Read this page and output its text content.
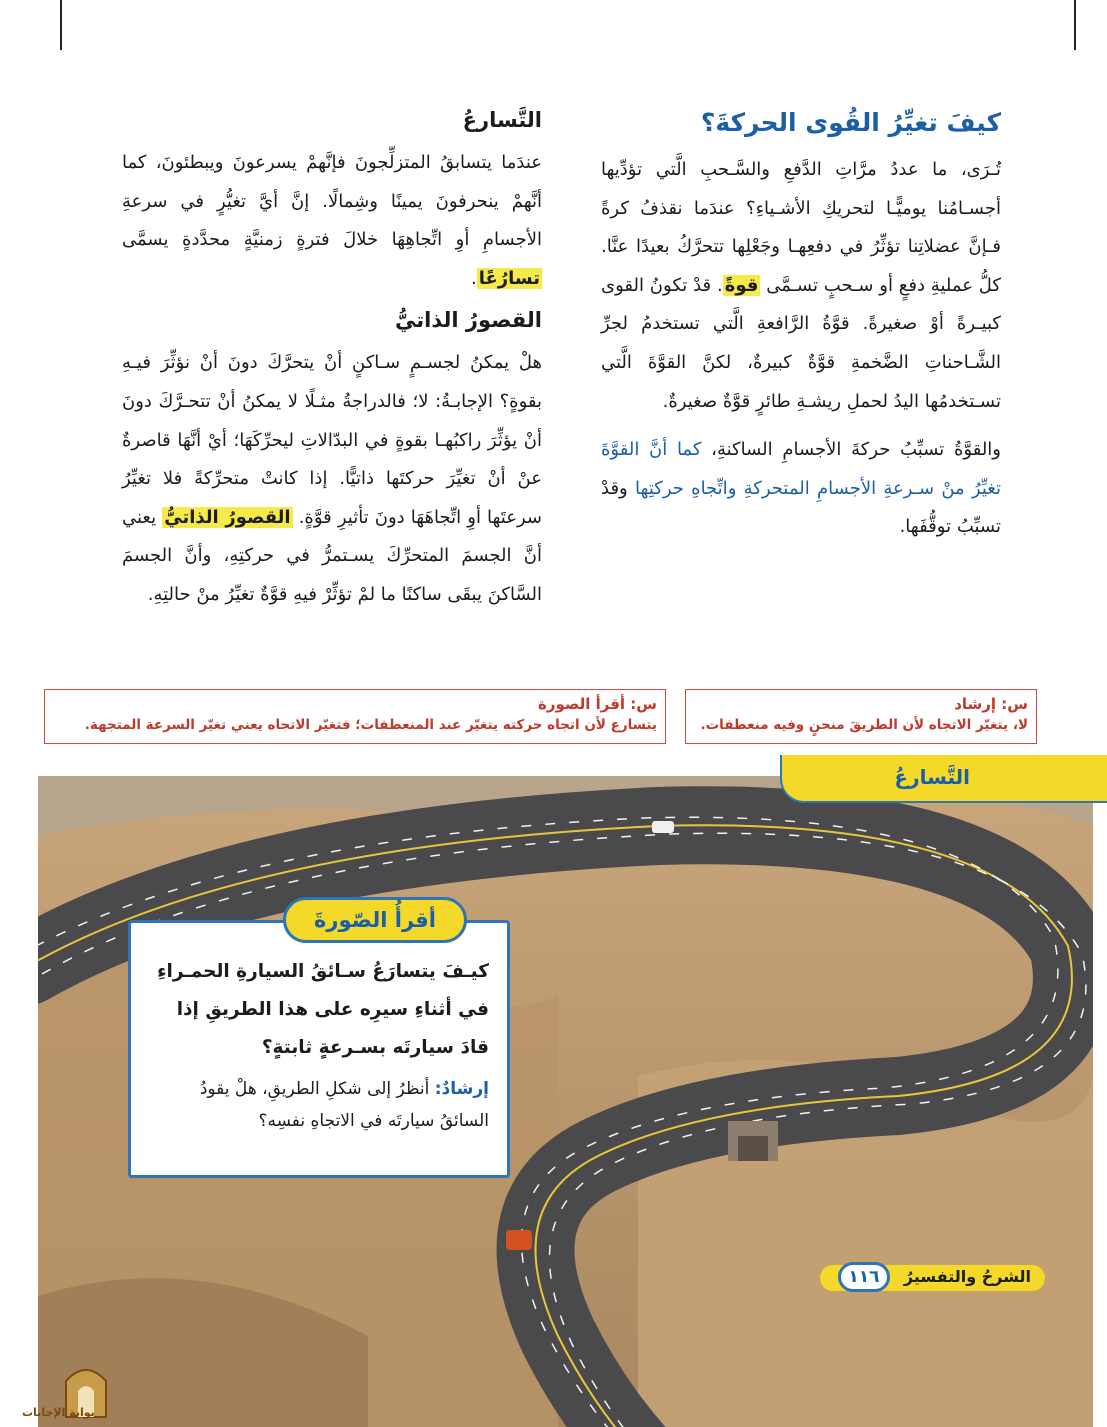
كيفَ تغيِّرُ القُوى الحركةَ؟

تُـرَى، ما عددُ مرَّاتِ الدَّفعِ والسَّـحبِ الَّتي تؤدِّيها أجسـامُنا يوميًّـا لتحريكِ الأشـياءِ؟ عندَما نقذفُ كرةً فـإنَّ عضلاتِنا تؤثِّرُ في دفعِهـا وجَعْلِها تتحرَّكُ بعيدًا عنَّا. كلُّ عمليةِ دفعٍ أو سـحبٍ تسـمَّى قوةً. قدْ تكونُ القوى كبيـرةً أوْ صغيرةً. قوَّةُ الرَّافعةِ الَّتي تستخدمُ لجرِّ الشَّـاحناتِ الضَّخمةِ قوَّةٌ كبيرةٌ، لكنَّ القوَّةَ الَّتي تسـتخدمُها اليدُ لحملِ ريشـةِ طائرٍ قوَّةٌ صغيرةٌ.

والقوَّةُ تسبِّبُ حركةَ الأجسامِ الساكنةِ، كما أنَّ القوَّةَ تغيِّرُ منْ سـرعةِ الأجسامِ المتحركةِ واتِّجاهِ حركتِها وقدْ تسبِّبُ توقُّفَها.

التَّسارعُ

عندَما يتسابقُ المتزلِّجونَ فإنَّهمْ يسرعونَ ويبطئونَ، كما أنَّهمْ ينحرفونَ يمينًا وشِمالًا. إنَّ أيَّ تغيُّرٍ في سرعةِ الأجسامِ أوِ اتِّجاهِهَا خلالَ فترةٍ زمنيَّةٍ محدَّدةٍ يسمَّى تسارُعًا.

القصورُ الذاتيُّ

هلْ يمكنُ لجسـمٍ سـاكنٍ أنْ يتحرَّكَ دونَ أنْ نؤثِّرَ فيـهِ بقوةٍ؟ الإجابـةُ: لا؛ فالدراجةُ مثـلًا لا يمكنُ أنْ تتحـرَّكَ دونَ أنْ يؤثِّرَ راكبُهـا بقوةٍ في البدّالاتِ ليحرِّكَهَا؛ أيْ أنَّهَا قاصرةٌ عنْ أنْ تغيِّرَ حركتَها ذاتيًّا. إذا كانتْ متحرِّكةً فلا تغيِّرُ سرعتَها أوِ اتِّجاهَهَا دونَ تأثيرِ قوَّةٍ. القصورُ الذاتيُّ يعني أنَّ الجسمَ المتحرِّكَ يسـتمرُّ في حركتِهِ، وأنَّ الجسمَ السَّاكنَ يبقَى ساكنًا ما لمْ تؤثِّرْ فيهِ قوَّةٌ تغيِّرُ منْ حالتِهِ.

س: أقرأ الصورة
يتسارع لأن اتجاه حركته يتغيّر عند المنعطفات؛ فتغيّر الاتجاه يعني تغيّر السرعة المتجهة.
س: إرشاد
لا، يتغيّر الاتجاه لأن الطريقَ منحنٍ وفيه منعطفات.
التَّسارعُ

كيـفَ يتسارَعُ سـائقُ السيارةِ الحمـراءِ في أثناءِ سيرِه على هذا الطريقِ إذا قادَ سيارتَه بسـرعةٍ ثابتةٍ؟

إرشادٌ: أنظرُ إلى شكلِ الطريقِ، هلْ يقودُ السائقُ سيارتَه في الاتجاهِ نفسِه؟

أقرأُ الصّورةَ
الشرحُ والتفسيرُ
١١٦
بوابة الإجابات
